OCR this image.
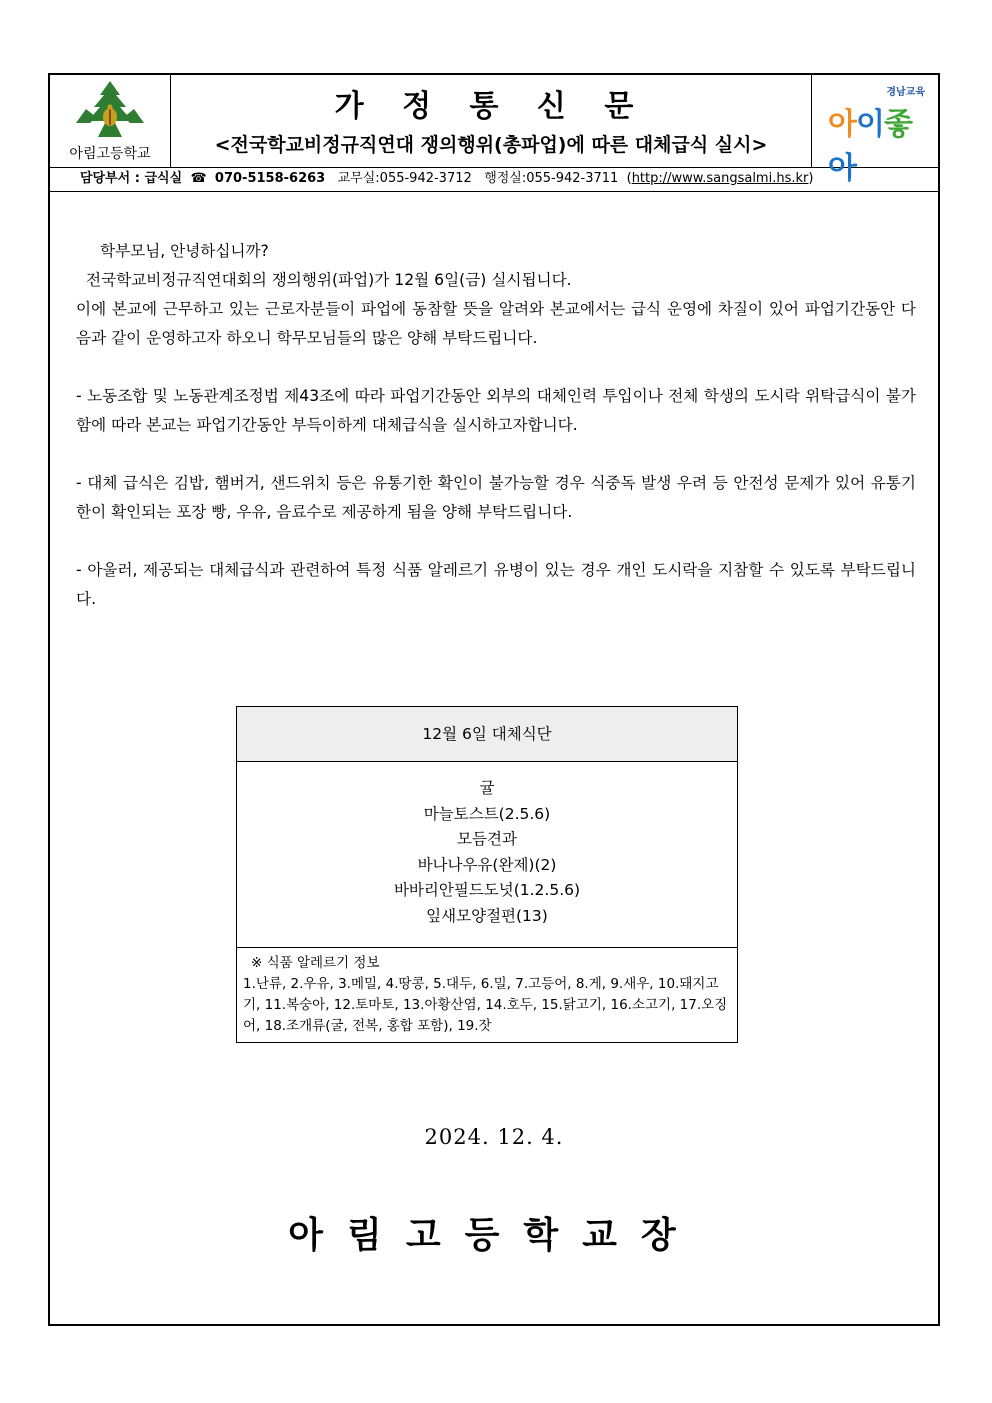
아림고등학교
가 정 통 신 문
<전국학교비정규직연대 쟁의행위(총파업)에 따른 대체급식 실시>
경남교육
아이좋아
담당부서 : 급식실  ☎  070-5158-6263 교무실:055-942-3712 행정실:055-942-3711 (http://www.sangsalmi.hs.kr)

학부모님, 안녕하십니까?

전국학교비정규직연대회의 쟁의행위(파업)가 12월 6일(금) 실시됩니다.

이에 본교에 근무하고 있는 근로자분들이 파업에 동참할 뜻을 알려와 본교에서는 급식 운영에 차질이 있어 파업기간동안 다음과 같이 운영하고자 하오니 학무모님들의 많은 양해 부탁드립니다.

- 노동조합 및 노동관계조정법 제43조에 따라 파업기간동안 외부의 대체인력 투입이나 전체 학생의 도시락 위탁급식이 불가함에 따라 본교는 파업기간동안 부득이하게 대체급식을 실시하고자합니다.

- 대체 급식은 김밥, 햄버거, 샌드위치 등은 유통기한 확인이 불가능할 경우 식중독 발생 우려 등 안전성 문제가 있어 유통기한이 확인되는 포장 빵, 우유, 음료수로 제공하게 됨을 양해 부탁드립니다.

- 아울러, 제공되는 대체급식과 관련하여 특정 식품 알레르기 유병이 있는 경우 개인 도시락을 지참할 수 있도록 부탁드립니다.

12월 6일 대체식단
귤
마늘토스트(2.5.6)
모듬견과
바나나우유(완제)(2)
바바리안필드도넛(1.2.5.6)
잎새모양절편(13)
※ 식품 알레르기 정보
1.난류, 2.우유, 3.메밀, 4.땅콩, 5.대두, 6.밀, 7.고등어, 8.게, 9.새우, 10.돼지고기, 11.복숭아, 12.토마토, 13.아황산염, 14.호두, 15.닭고기, 16.소고기, 17.오징어, 18.조개류(굴, 전복, 홍합 포함), 19.잣
2024. 12. 4.
아림고등학교장
